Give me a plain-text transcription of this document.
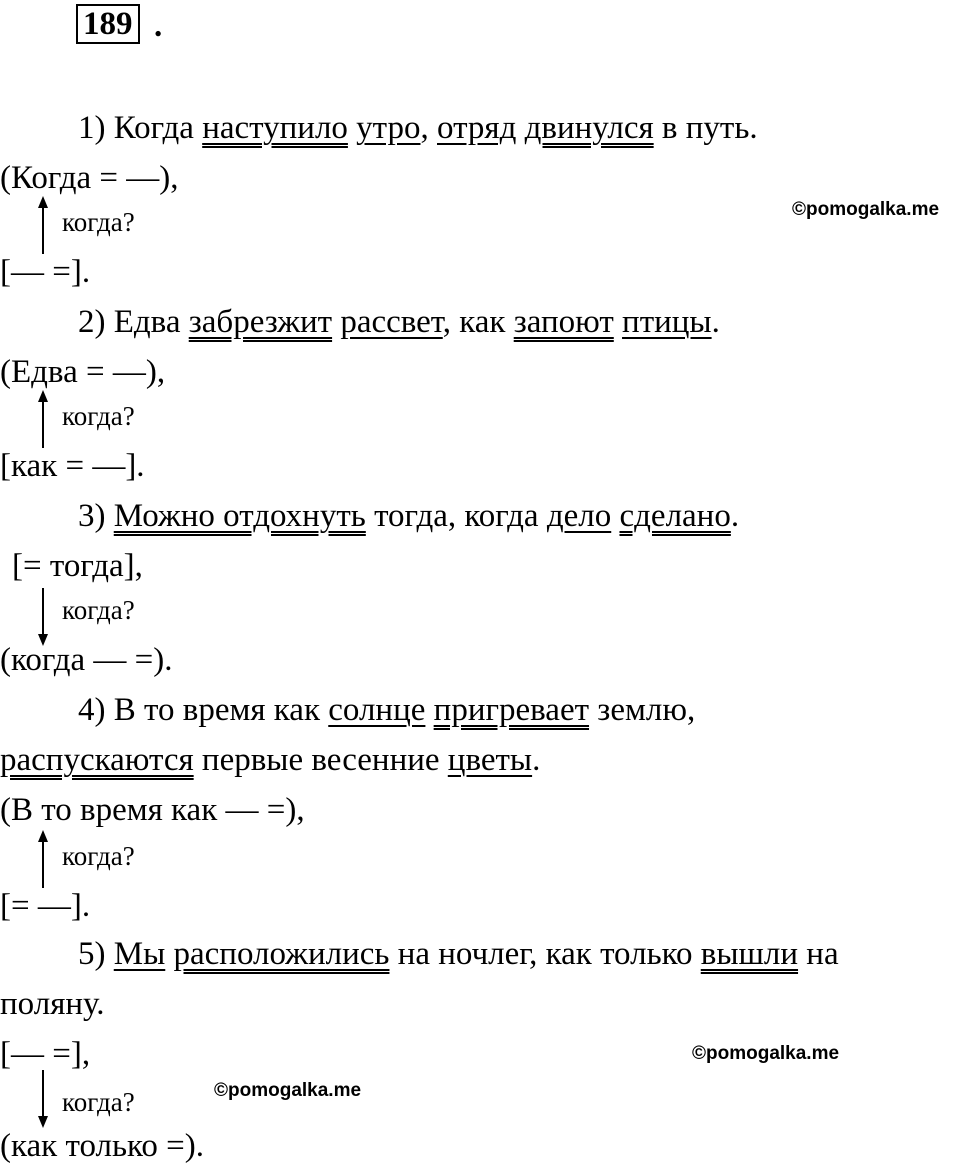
189 .
1) Когда наступило утро, отряд двинулся в путь.
(Когда = —),
когда?	©pomogalka.me
[— =].
2) Едва забрезжит рассвет, как запоют птицы.
(Едва = —),
когда?
[как = —].
3) Можно отдохнуть тогда, когда дело сделано.
[= тогда],
когда?
(когда — =).
4) В то время как солнце пригревает землю,
распускаются первые весенние цветы.
(В то время как — =),
когда?
[= —].
5) Мы расположились на ночлег, как только вышли на
поляну.
[— =],	©pomogalka.me
когда?	©pomogalka.me
(как только =).
